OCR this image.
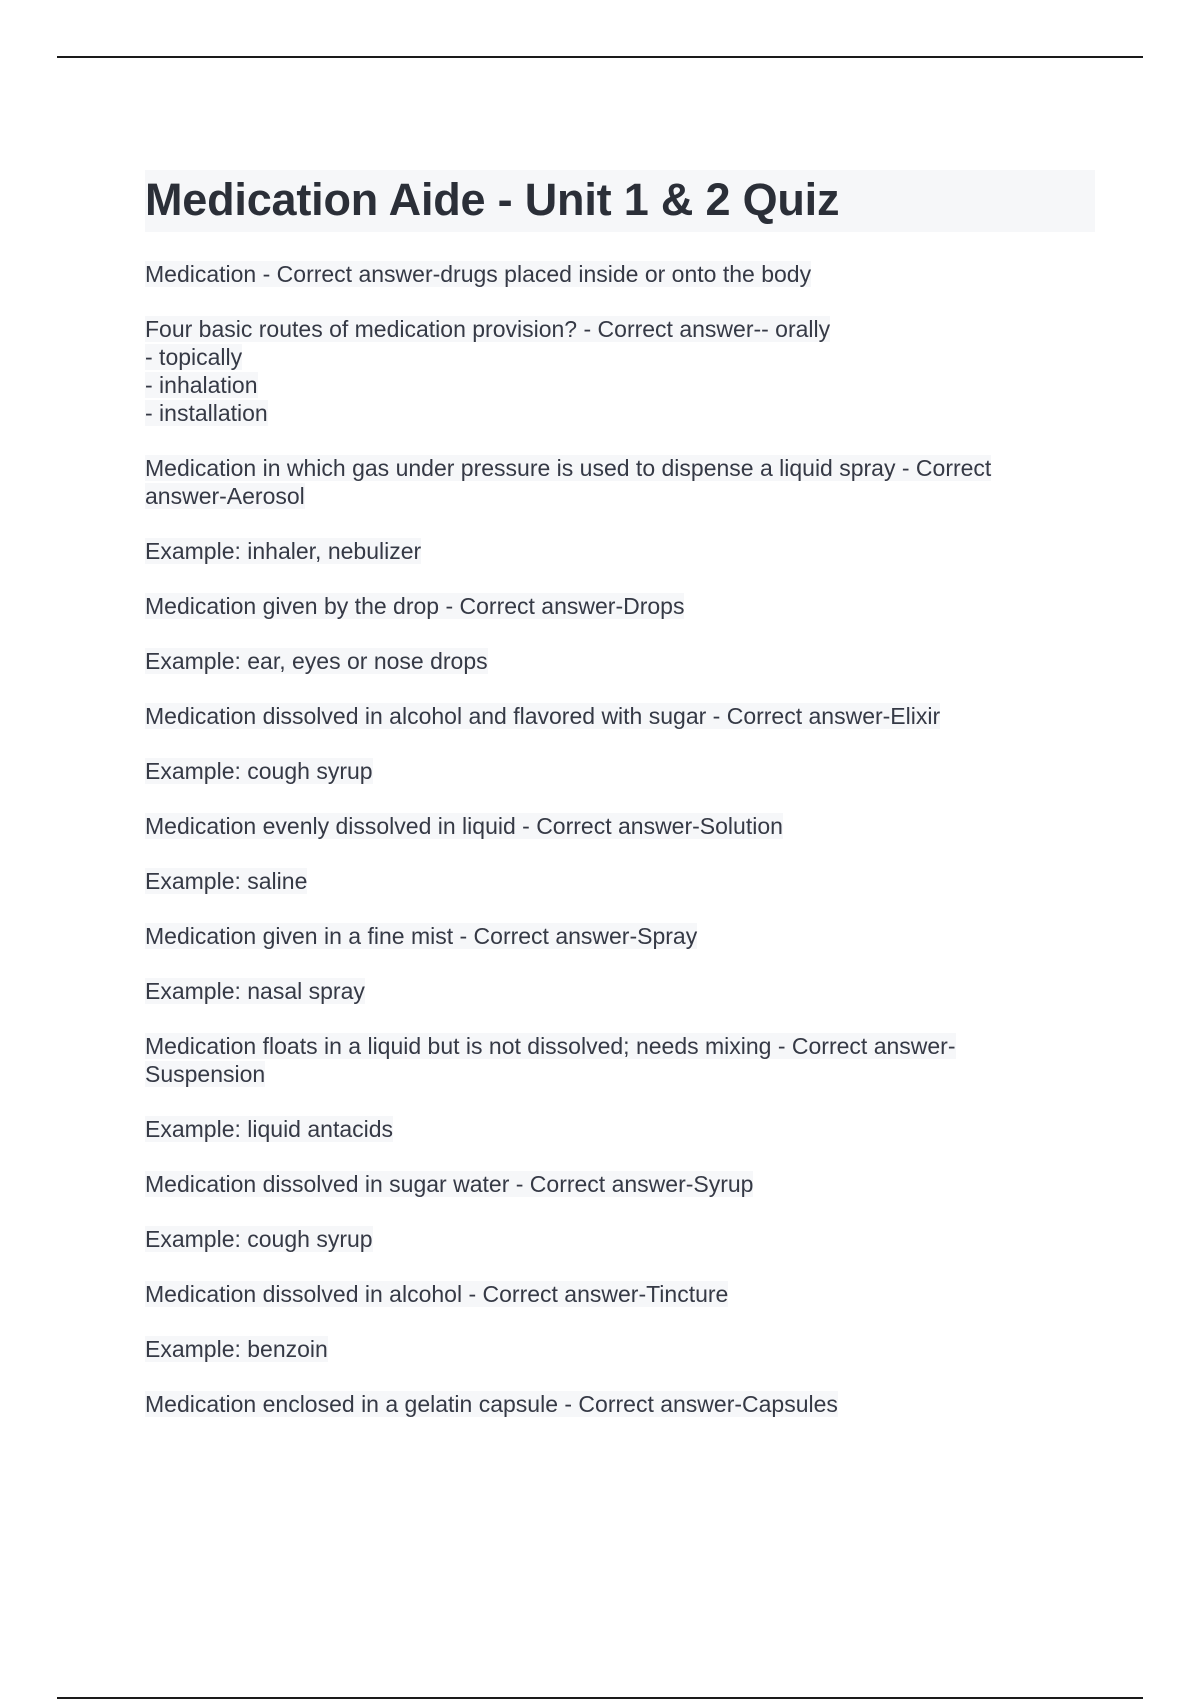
Medication Aide - Unit 1 & 2 Quiz

Medication - Correct answer-drugs placed inside or onto the body

Four basic routes of medication provision? - Correct answer-- orally
- topically
- inhalation
- installation

Medication in which gas under pressure is used to dispense a liquid spray - Correct
answer-Aerosol

Example: inhaler, nebulizer

Medication given by the drop - Correct answer-Drops

Example: ear, eyes or nose drops

Medication dissolved in alcohol and flavored with sugar - Correct answer-Elixir

Example: cough syrup

Medication evenly dissolved in liquid - Correct answer-Solution

Example: saline

Medication given in a fine mist - Correct answer-Spray

Example: nasal spray

Medication floats in a liquid but is not dissolved; needs mixing - Correct answer-
Suspension

Example: liquid antacids

Medication dissolved in sugar water - Correct answer-Syrup

Example: cough syrup

Medication dissolved in alcohol - Correct answer-Tincture

Example: benzoin

Medication enclosed in a gelatin capsule - Correct answer-Capsules
